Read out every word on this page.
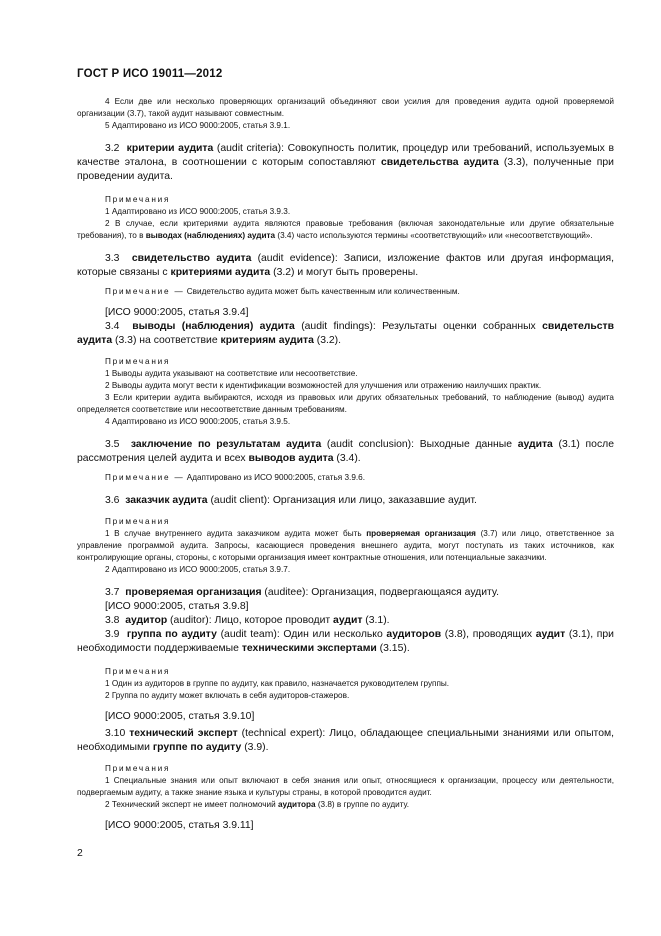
ГОСТ Р ИСО 19011—2012

4 Если две или несколько проверяющих организаций объединяют свои усилия для проведения аудита одной проверяемой организации (3.7), такой аудит называют совместным.

5 Адаптировано из ИСО 9000:2005, статья 3.9.1.

3.2 критерии аудита (audit criteria): Совокупность политик, процедур или требований, используемых в качестве эталона, в соотношении с которым сопоставляют свидетельства аудита (3.3), полученные при проведении аудита.

Примечания

1 Адаптировано из ИСО 9000:2005, статья 3.9.3.

2 В случае, если критериями аудита являются правовые требования (включая законодательные или другие обязательные требования), то в выводах (наблюдениях) аудита (3.4) часто используются термины «соответствующий» или «несоответствующий».

3.3 свидетельство аудита (audit evidence): Записи, изложение фактов или другая информация, которые связаны с критериями аудита (3.2) и могут быть проверены.

Примечание — Свидетельство аудита может быть качественным или количественным.

[ИСО 9000:2005, статья 3.9.4]

3.4 выводы (наблюдения) аудита (audit findings): Результаты оценки собранных свидетельств аудита (3.3) на соответствие критериям аудита (3.2).

Примечания

1 Выводы аудита указывают на соответствие или несоответствие.

2 Выводы аудита могут вести к идентификации возможностей для улучшения или отражению наилучших практик.

3 Если критерии аудита выбираются, исходя из правовых или других обязательных требований, то наблюдение (вывод) аудита определяется соответствие или несоответствие данным требованиям.

4 Адаптировано из ИСО 9000:2005, статья 3.9.5.

3.5 заключение по результатам аудита (audit conclusion): Выходные данные аудита (3.1) после рассмотрения целей аудита и всех выводов аудита (3.4).

Примечание — Адаптировано из ИСО 9000:2005, статья 3.9.6.

3.6 заказчик аудита (audit client): Организация или лицо, заказавшие аудит.

Примечания

1 В случае внутреннего аудита заказчиком аудита может быть проверяемая организация (3.7) или лицо, ответственное за управление программой аудита. Запросы, касающиеся проведения внешнего аудита, могут поступать из таких источников, как контролирующие органы, стороны, с которыми организация имеет контрактные отношения, или потенциальные заказчики.

2 Адаптировано из ИСО 9000:2005, статья 3.9.7.

3.7 проверяемая организация (auditee): Организация, подвергающаяся аудиту.

[ИСО 9000:2005, статья 3.9.8]

3.8 аудитор (auditor): Лицо, которое проводит аудит (3.1).

3.9 группа по аудиту (audit team): Один или несколько аудиторов (3.8), проводящих аудит (3.1), при необходимости поддерживаемые техническими экспертами (3.15).

Примечания

1 Один из аудиторов в группе по аудиту, как правило, назначается руководителем группы.

2 Группа по аудиту может включать в себя аудиторов-стажеров.

[ИСО 9000:2005, статья 3.9.10]

3.10 технический эксперт (technical expert): Лицо, обладающее специальными знаниями или опытом, необходимыми группе по аудиту (3.9).

Примечания

1 Специальные знания или опыт включают в себя знания или опыт, относящиеся к организации, процессу или деятельности, подвергаемым аудиту, а также знание языка и культуры страны, в которой проводится аудит.

2 Технический эксперт не имеет полномочий аудитора (3.8) в группе по аудиту.

[ИСО 9000:2005, статья 3.9.11]

2
